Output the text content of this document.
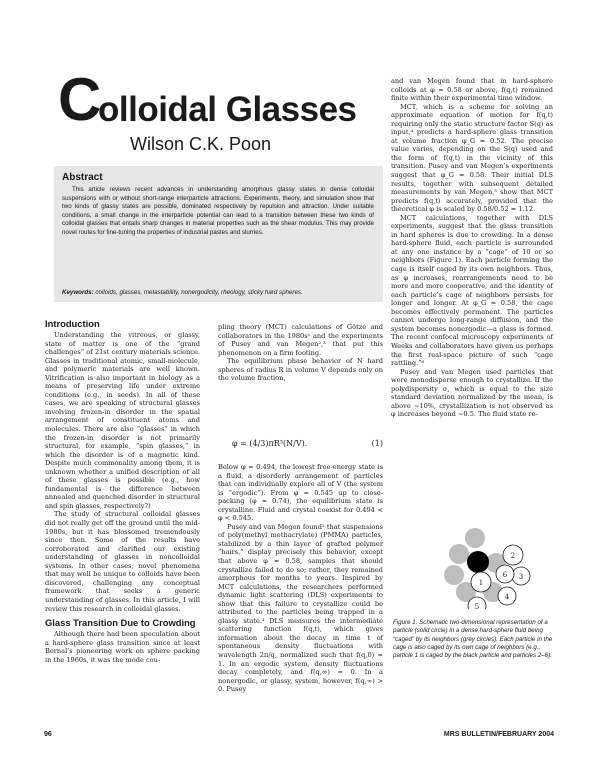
C
olloidal Glasses
Wilson C.K. Poon
Abstract
This article reviews recent advances in understanding amorphous glassy states in dense colloidal suspensions with or without short-range interparticle attractions. Experiments, theory, and simulation show that two kinds of glassy states are possible, dominated respectively by repulsion and attraction. Under suitable conditions, a small change in the interparticle potential can lead to a transition between these two kinds of colloidal glasses that entails sharp changes in material properties such as the shear modulus. This may provide novel routes for fine-tuning the properties of industrial pastes and slurries.
Keywords: colloids, glasses, metastability, nonergodicity, rheology, sticky hard spheres.
Introduction

Understanding the vitreous, or glassy, state of matter is one of the “grand challenges” of 21st century materials science. Glasses in traditional atomic, small-molecule, and polymeric materials are well known. Vitrification is also important in biology as a means of preserving life under extreme conditions (e.g., in seeds). In all of these cases, we are speaking of structural glasses involving frozen-in disorder in the spatial arrangement of constituent atoms and molecules. There are also “glasses” in which the frozen-in disorder is not primarily structural, for example, “spin glasses,” in which the disorder is of a magnetic kind. Despite much commonality among them, it is unknown whether a unified description of all of these glasses is possible (e.g., how fundamental is the difference between annealed and quenched disorder in structural and spin glasses, respectively?)

The study of structural colloidal glasses did not really get off the ground until the mid-1980s, but it has blossomed tremendously since then. Some of the results have corroborated and clarified our existing understanding of glasses in noncolloidal systems. In other cases, novel phenomena that may well be unique to colloids have been discovered, challenging any conceptual framework that seeks a generic understanding of glasses. In this article, I will review this research in colloidal glasses.

Glass Transition Due to Crowding

Although there had been speculation about a hard-sphere glass transition since at least Bernal’s pioneering work on sphere packing in the 1960s, it was the mode cou-

pling theory (MCT) calculations of Götze and collaborators in the 1980s¹ and the experiments of Pusey and van Megen²,³ that put this phenomenon on a firm footing.

The equilibrium phase behavior of N hard spheres of radius R in volume V depends only on the volume fraction,

φ = (4/3)πR³(N/V).	(1)

Below φ = 0.494, the lowest free-energy state is a fluid, a disorderly arrangement of particles that can individually explore all of V (the system is “ergodic”). From φ = 0.545 up to close-packing (φ ≈ 0.74), the equilibrium state is crystalline. Fluid and crystal coexist for 0.494 < φ < 0.545.

Pusey and van Megen found² that suspensions of poly(methyl methacrylate) (PMMA) particles, stabilized by a thin layer of grafted polymer “hairs,” display precisely this behavior, except that above φ ≈ 0.58, samples that should crystallize failed to do so; rather, they remained amorphous for months to years. Inspired by MCT calculations, the researchers performed dynamic light scattering (DLS) experiments to show that this failure to crystallize could be attributed to the particles being trapped in a glassy state.³ DLS measures the intermediate scattering function f(q,t), which gives information about the decay in time t of spontaneous density fluctuations with wavelength 2π/q, normalized such that f(q,0) = 1. In an ergodic system, density fluctuations decay completely, and f(q,∞) = 0. In a nonergodic, or glassy, system, however, f(q,∞) > 0. Pusey

and van Megen found that in hard-sphere colloids at φ ≈ 0.58 or above, f(q,t) remained finite within their experimental time window.

MCT, which is a scheme for solving an approximate equation of motion for f(q,t) requiring only the static structure factor S(q) as input,⁴ predicts a hard-sphere glass transition at volume fraction φ_G ≈ 0.52. The precise value varies, depending on the S(q) used and the form of f(q,t) in the vicinity of this transition. Pusey and van Megen’s experiments suggest that φ_G ≈ 0.58. Their initial DLS results, together with subsequent detailed measurements by van Megen,⁵ show that MCT predicts f(q,t) accurately, provided that the theoretical φ is scaled by 0.58/0.52 ≈ 1.12.

MCT calculations, together with DLS experiments, suggest that the glass transition in hard spheres is due to crowding. In a dense hard-sphere fluid, each particle is surrounded at any one instance by a “cage” of 10 or so neighbors (Figure 1). Each particle forming the cage is itself caged by its own neighbors. Thus, as φ increases, rearrangements need to be more and more cooperative, and the identity of each particle’s cage of neighbors persists for longer and longer. At φ_G ≈ 0.58, the cage becomes effectively permanent. The particles cannot undergo long-range diffusion, and the system becomes nonergodic—a glass is formed. The recent confocal microscopy experiments of Weeks and collaborators have given us perhaps the first real-space picture of such “cage rattling.”⁶

Pusey and van Megen used particles that were monodisperse enough to crystallize. If the polydispersity σ, which is equal to the size standard deviation normalized by the mean, is above ~10%, crystallization is not observed as φ increases beyond ~0.5. The fluid state re-

1
2
3
4
5
6
Figure 1. Schematic two-dimensional representation of a particle (solid circle) in a dense hard-sphere fluid being “caged” by its neighbors (grey circles). Each particle in the cage is also caged by its own cage of neighbors (e.g., particle 1 is caged by the black particle and particles 2–6).
96	MRS BULLETIN/FEBRUARY 2004
